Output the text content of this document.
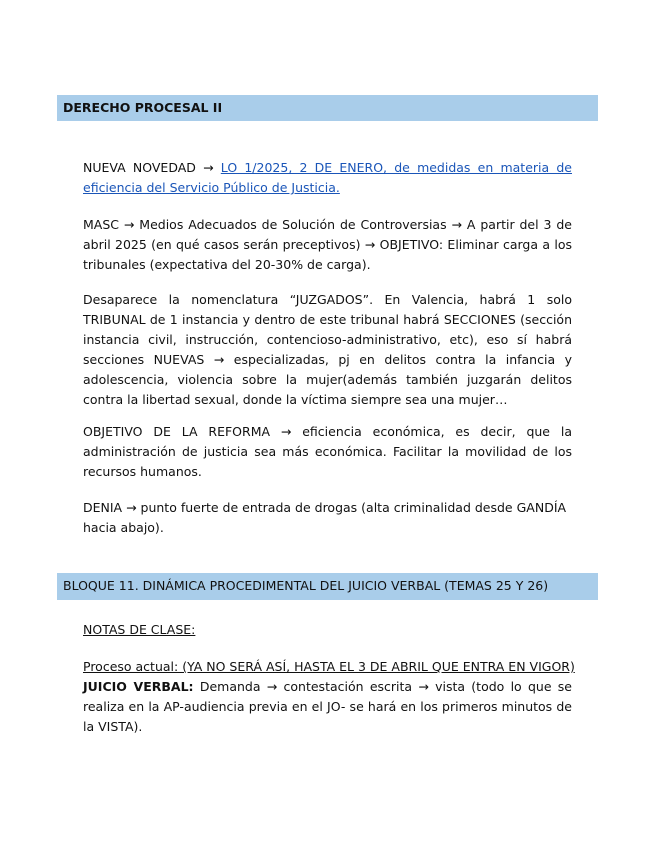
DERECHO PROCESAL II
NUEVA NOVEDAD → LO 1/2025, 2 DE ENERO, de medidas en materia de eficiencia del Servicio Público de Justicia.
MASC → Medios Adecuados de Solución de Controversias → A partir del 3 de abril 2025 (en qué casos serán preceptivos) → OBJETIVO: Eliminar carga a los tribunales (expectativa del 20-30% de carga).
Desaparece la nomenclatura “JUZGADOS”. En Valencia, habrá 1 solo TRIBUNAL de 1 instancia y dentro de este tribunal habrá SECCIONES (sección instancia civil, instrucción, contencioso-administrativo, etc), eso sí habrá secciones NUEVAS → especializadas, pj en delitos contra la infancia y adolescencia, violencia sobre la mujer(además también juzgarán delitos contra la libertad sexual, donde la víctima siempre sea una mujer…
OBJETIVO DE LA REFORMA → eficiencia económica, es decir, que la administración de justicia sea más económica. Facilitar la movilidad de los recursos humanos.
DENIA → punto fuerte de entrada de drogas (alta criminalidad desde GANDÍA hacia abajo).
BLOQUE 11. DINÁMICA PROCEDIMENTAL DEL JUICIO VERBAL (TEMAS 25 Y 26)
NOTAS DE CLASE:
Proceso actual: (YA NO SERÁ ASÍ, HASTA EL 3 DE ABRIL QUE ENTRA EN VIGOR)
JUICIO VERBAL: Demanda → contestación escrita → vista (todo lo que se realiza en la AP-audiencia previa en el JO- se hará en los primeros minutos de la VISTA).
